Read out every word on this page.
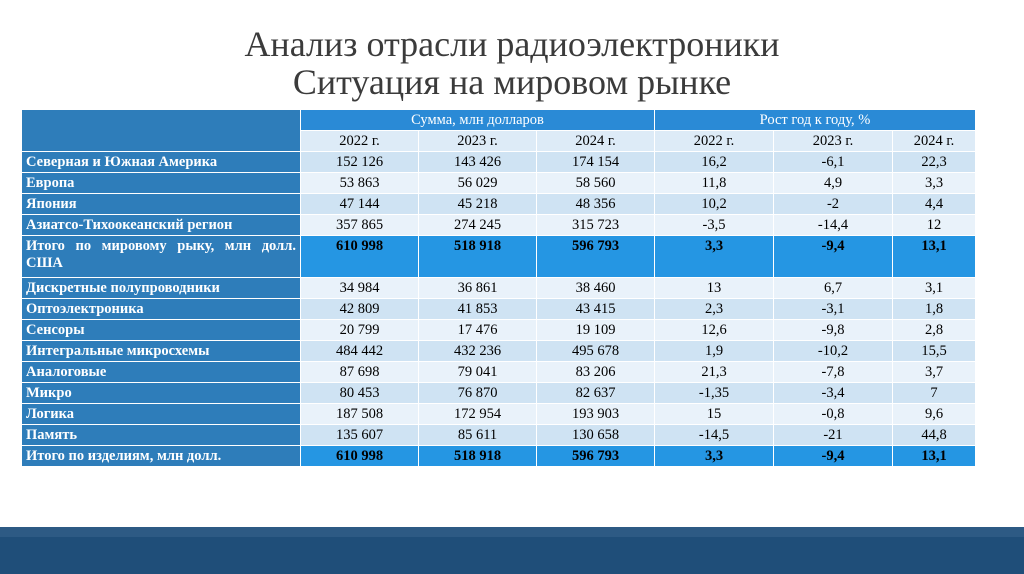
Анализ отрасли радиоэлектроники
Ситуация на мировом рынке
	Сумма, млн долларов			Рост год к году, %		
	2022 г.	2023 г.	2024 г.	2022 г.	2023 г.	2024 г.
Северная и Южная Америка	152 126	143 426	174 154	16,2	-6,1	22,3
Европа	53 863	56 029	58 560	11,8	4,9	3,3
Япония	47 144	45 218	48 356	10,2	-2	4,4
Азиатсо-Тихоокеанский регион	357 865	274 245	315 723	-3,5	-14,4	12
Итого по мировому рыку, млн долл. США	610 998	518 918	596 793	3,3	-9,4	13,1
Дискретные полупроводники	34 984	36 861	38 460	13	6,7	3,1
Оптоэлектроника	42 809	41 853	43 415	2,3	-3,1	1,8
Сенсоры	20 799	17 476	19 109	12,6	-9,8	2,8
Интегральные микросхемы	484 442	432 236	495 678	1,9	-10,2	15,5
Аналоговые	87 698	79 041	83 206	21,3	-7,8	3,7
Микро	80 453	76 870	82 637	-1,35	-3,4	7
Логика	187 508	172 954	193 903	15	-0,8	9,6
Память	135 607	85 611	130 658	-14,5	-21	44,8
Итого по изделиям, млн долл.	610 998	518 918	596 793	3,3	-9,4	13,1
